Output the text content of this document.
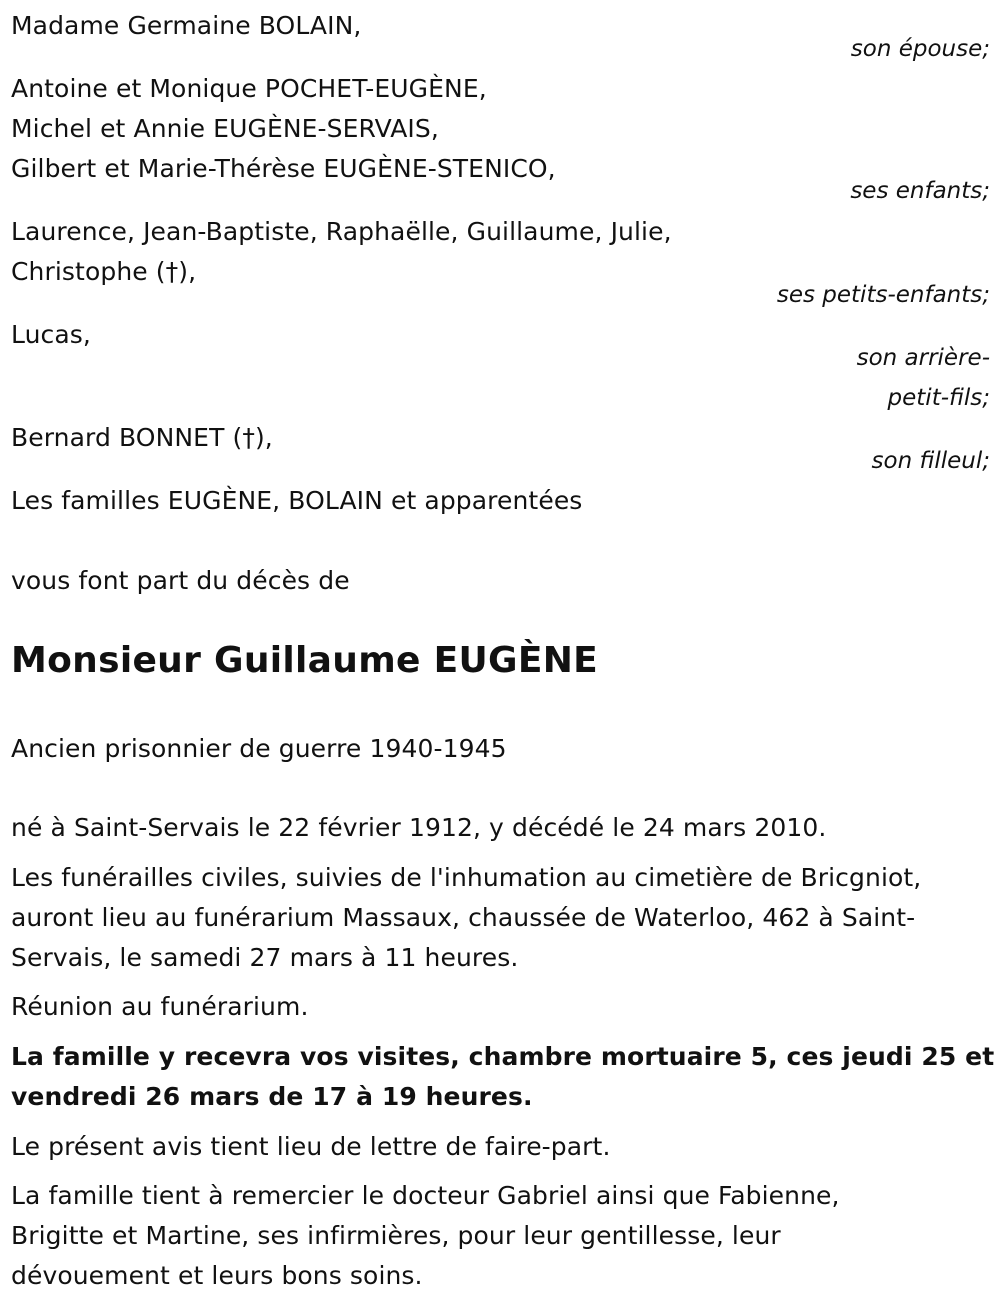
Madame Germaine BOLAIN,
son épouse;
Antoine et Monique POCHET-EUGÈNE,
Michel et Annie EUGÈNE-SERVAIS,
Gilbert et Marie-Thérèse EUGÈNE-STENICO,
ses enfants;
Laurence, Jean-Baptiste, Raphaëlle, Guillaume, Julie,
Christophe (†),
ses petits-enfants;
Lucas,
son arrière-
petit-fils;
Bernard BONNET (†),
son filleul;
Les familles EUGÈNE, BOLAIN et apparentées
vous font part du décès de
Monsieur Guillaume EUGÈNE
Ancien prisonnier de guerre 1940-1945
né à Saint-Servais le 22 février 1912, y décédé le 24 mars 2010.
Les funérailles civiles, suivies de l'inhumation au cimetière de Bricgniot,
auront lieu au funérarium Massaux, chaussée de Waterloo, 462 à Saint-
Servais, le samedi 27 mars à 11 heures.
Réunion au funérarium.
La famille y recevra vos visites, chambre mortuaire 5, ces jeudi 25 et
vendredi 26 mars de 17 à 19 heures.
Le présent avis tient lieu de lettre de faire-part.
La famille tient à remercier le docteur Gabriel ainsi que Fabienne,
Brigitte et Martine, ses infirmières, pour leur gentillesse, leur
dévouement et leurs bons soins.
